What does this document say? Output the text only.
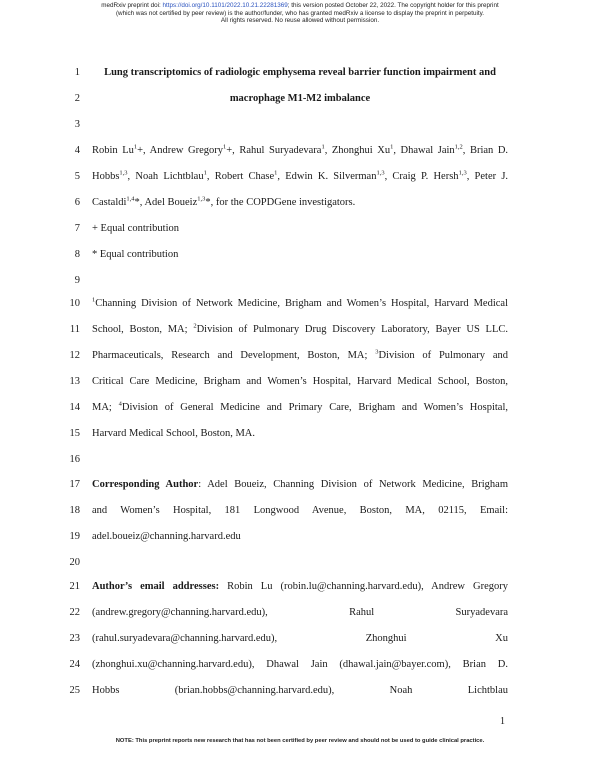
medRxiv preprint doi: https://doi.org/10.1101/2022.10.21.22281369; this version posted October 22, 2022. The copyright holder for this preprint
(which was not certified by peer review) is the author/funder, who has granted medRxiv a license to display the preprint in perpetuity.
All rights reserved. No reuse allowed without permission.
1	Lung transcriptomics of radiologic emphysema reveal barrier function impairment and
2	macrophage M1-M2 imbalance
3
4 Robin $Lu^1+$, Andrew Gregory$^1$+, Rahul Suryadevara$^1$, Zhonghui Xu$^1$, Dhawal Jain$^{1,2}$, Brian D.
5 Hobbs$^{1,3}$, Noah Lichtblau$^1$, Robert Chase$^1$, Edwin K. Silverman$^{1,3}$, Craig P. Hersh$^{1,3}$, Peter J.
6 Castaldi$^{1,4}$*, Adel Boueiz$^{1,3}$*, for the COPDGene investigators.
7 + Equal contribution
8 * Equal contribution
9
10 $^1$Channing Division of Network Medicine, Brigham and Women’s Hospital, Harvard Medical
11 School, Boston, MA; $^2$Division of Pulmonary Drug Discovery Laboratory, Bayer US LLC.
12 Pharmaceuticals, Research and Development, Boston, MA; $^3$Division of Pulmonary and
13 Critical Care Medicine, Brigham and Women’s Hospital, Harvard Medical School, Boston,
14 MA; $^4$Division of General Medicine and Primary Care, Brigham and Women’s Hospital,
15 Harvard Medical School, Boston, MA.
16
17 Corresponding Author: Adel Boueiz, Channing Division of Network Medicine, Brigham
18 and Women’s Hospital, 181 Longwood Avenue, Boston, MA, 02115, Email:
19 adel.boueiz@channing.harvard.edu
20
21 Author’s email addresses: Robin Lu (robin.lu@channing.harvard.edu), Andrew Gregory
22 (andrew.gregory@channing.harvard.edu),	Rahul	Suryadevara
23 (rahul.suryadevara@channing.harvard.edu),	Zhonghui	Xu
24 (zhonghui.xu@channing.harvard.edu), Dhawal Jain (dhawal.jain@bayer.com), Brian D.
25 Hobbs	(brian.hobbs@channing.harvard.edu),	Noah	Lichtblau
1
NOTE: This preprint reports new research that has not been certified by peer review and should not be used to guide clinical practice.
